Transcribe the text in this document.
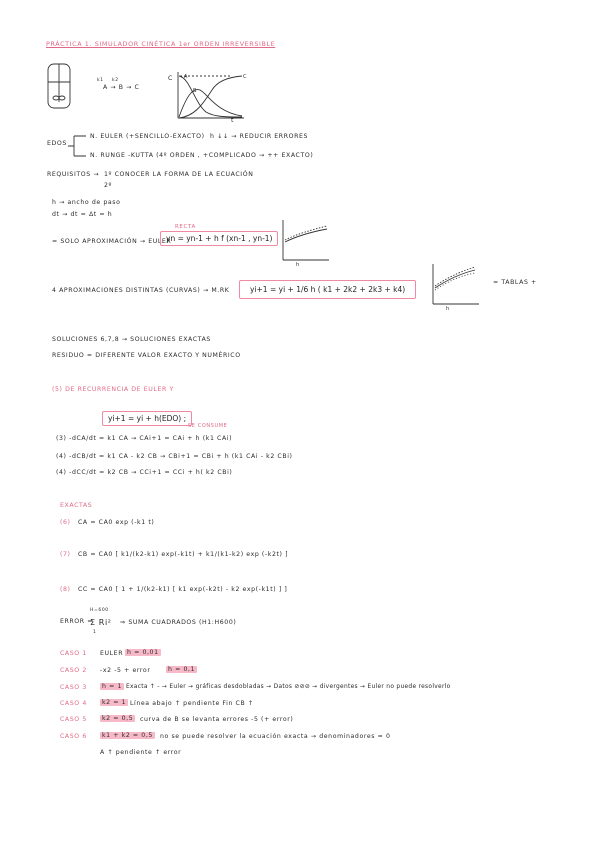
PRÁCTICA 1. SIMULADOR CINÉTICA 1er ORDEN IRREVERSIBLE
k1 k2
A → B → C
C A
B
C
t
EDOS
N. EULER (+SENCILLO-EXACTO) h ↓↓ → REDUCIR ERRORES
N. RUNGE -KUTTA (4º ORDEN , +COMPLICADO → ++ EXACTO)
REQUISITOS → 1º CONOCER LA FORMA DE LA ECUACIÓN
2º
h → ancho de paso
dt → dt = Δt = h
= SOLO APROXIMACIÓN → EULER
RECTA
yn = yn-1 + h f (xn-1 , yn-1)
h
4 APROXIMACIONES DISTINTAS (CURVAS) → M.RK	yi+1 = yi + 1/6 h ( k1 + 2k2 + 2k3 + k4)
h
= TABLAS +
SOLUCIONES 6,7,8 → SOLUCIONES EXACTAS
RESIDUO = DIFERENTE VALOR EXACTO Y NUMÉRICO
(5) DE RECURRENCIA DE EULER Y
yi+1 = yi + h(EDO) ;
SE CONSUME
(3) -dCA/dt = k1 CA → CAi+1 = CAi + h (k1 CAi)
(4) -dCB/dt = k1 CA - k2 CB → CBi+1 = CBi + h (k1 CAi - k2 CBi)
(4) -dCC/dt = k2 CB → CCi+1 = CCi + h( k2 CBi)
EXACTAS
(6) CA = CA0 exp (-k1 t)
(7) CB = CA0 [ k1/(k2-k1) exp(-k1t) + k1/(k1-k2) exp (-k2t) ]
(8) CC = CA0 [ 1 + 1/(k2-k1) [ k1 exp(-k2t) - k2 exp(-k1t) ] ]
ERROR =
H=600
Σ Ri²
1
⇒ SUMA CUADRADOS (H1:H600)
CASO 1 EULER h = 0,01
CASO 2 -x2 -5 + error	h = 0,1
CASO 3	h = 1 Exacta ↑ - → Euler → gráficas desdobladas → Datos ⊘⊘⊘ → divergentes → Euler no puede resolverlo
CASO 4	k2 = 1 Línea abajo ↑ pendiente Fin CB ↑
CASO 5	k2 = 0,5	curva de B se levanta errores -5 (+ error)
CASO 6	k1 + k2 = 0,5	no se puede resolver la ecuación exacta → denominadores = 0
A ↑ pendiente ↑ error
